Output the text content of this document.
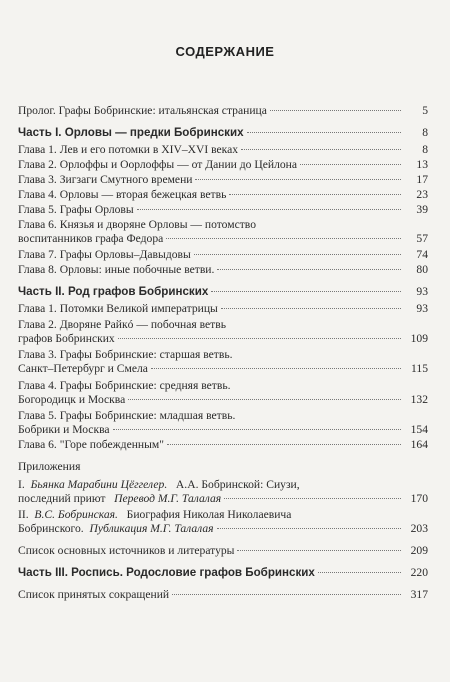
СОДЕРЖАНИЕ
Пролог. Графы Бобринские: итальянская страница	5
Часть I. Орловы — предки Бобринских	8
Глава 1. Лев и его потомки в XIV–XVI веках	8
Глава 2. Орлоффы и Оорлоффы — от Дании до Цейлона	13
Глава 3. Зигзаги Смутного времени	17
Глава 4. Орловы — вторая бежецкая ветвь	23
Глава 5. Графы Орловы	39
Глава 6. Князья и дворяне Орловы — потомство
воспитанников графа Федора	57
Глава 7. Графы Орловы–Давыдовы	74
Глава 8. Орловы: иные побочные ветви.	80
Часть II. Род графов Бобринских	93
Глава 1. Потомки Великой императрицы	93
Глава 2. Дворяне Райкó — побочная ветвь
графов Бобринских	109
Глава 3. Графы Бобринские: старшая ветвь.
Санкт–Петербург и Смела	115
Глава 4. Графы Бобринские: средняя ветвь.
Богородицк и Москва	132
Глава 5. Графы Бобринские: младшая ветвь.
Бобрики и Москва	154
Глава 6. "Горе побежденным"	164
Приложения
I. Бьянка Марабини Цёггелер. А.А. Бобринской: Сиузи,
последний приют
Перевод М.Г. Талалая	170
II. В.С. Бобринская. Биография Николая Николаевича
Бобринского.
Публикация М.Г. Талалая	203
Список основных источников и литературы	209
Часть III. Роспись. Родословие графов Бобринских	220
Список принятых сокращений	317
